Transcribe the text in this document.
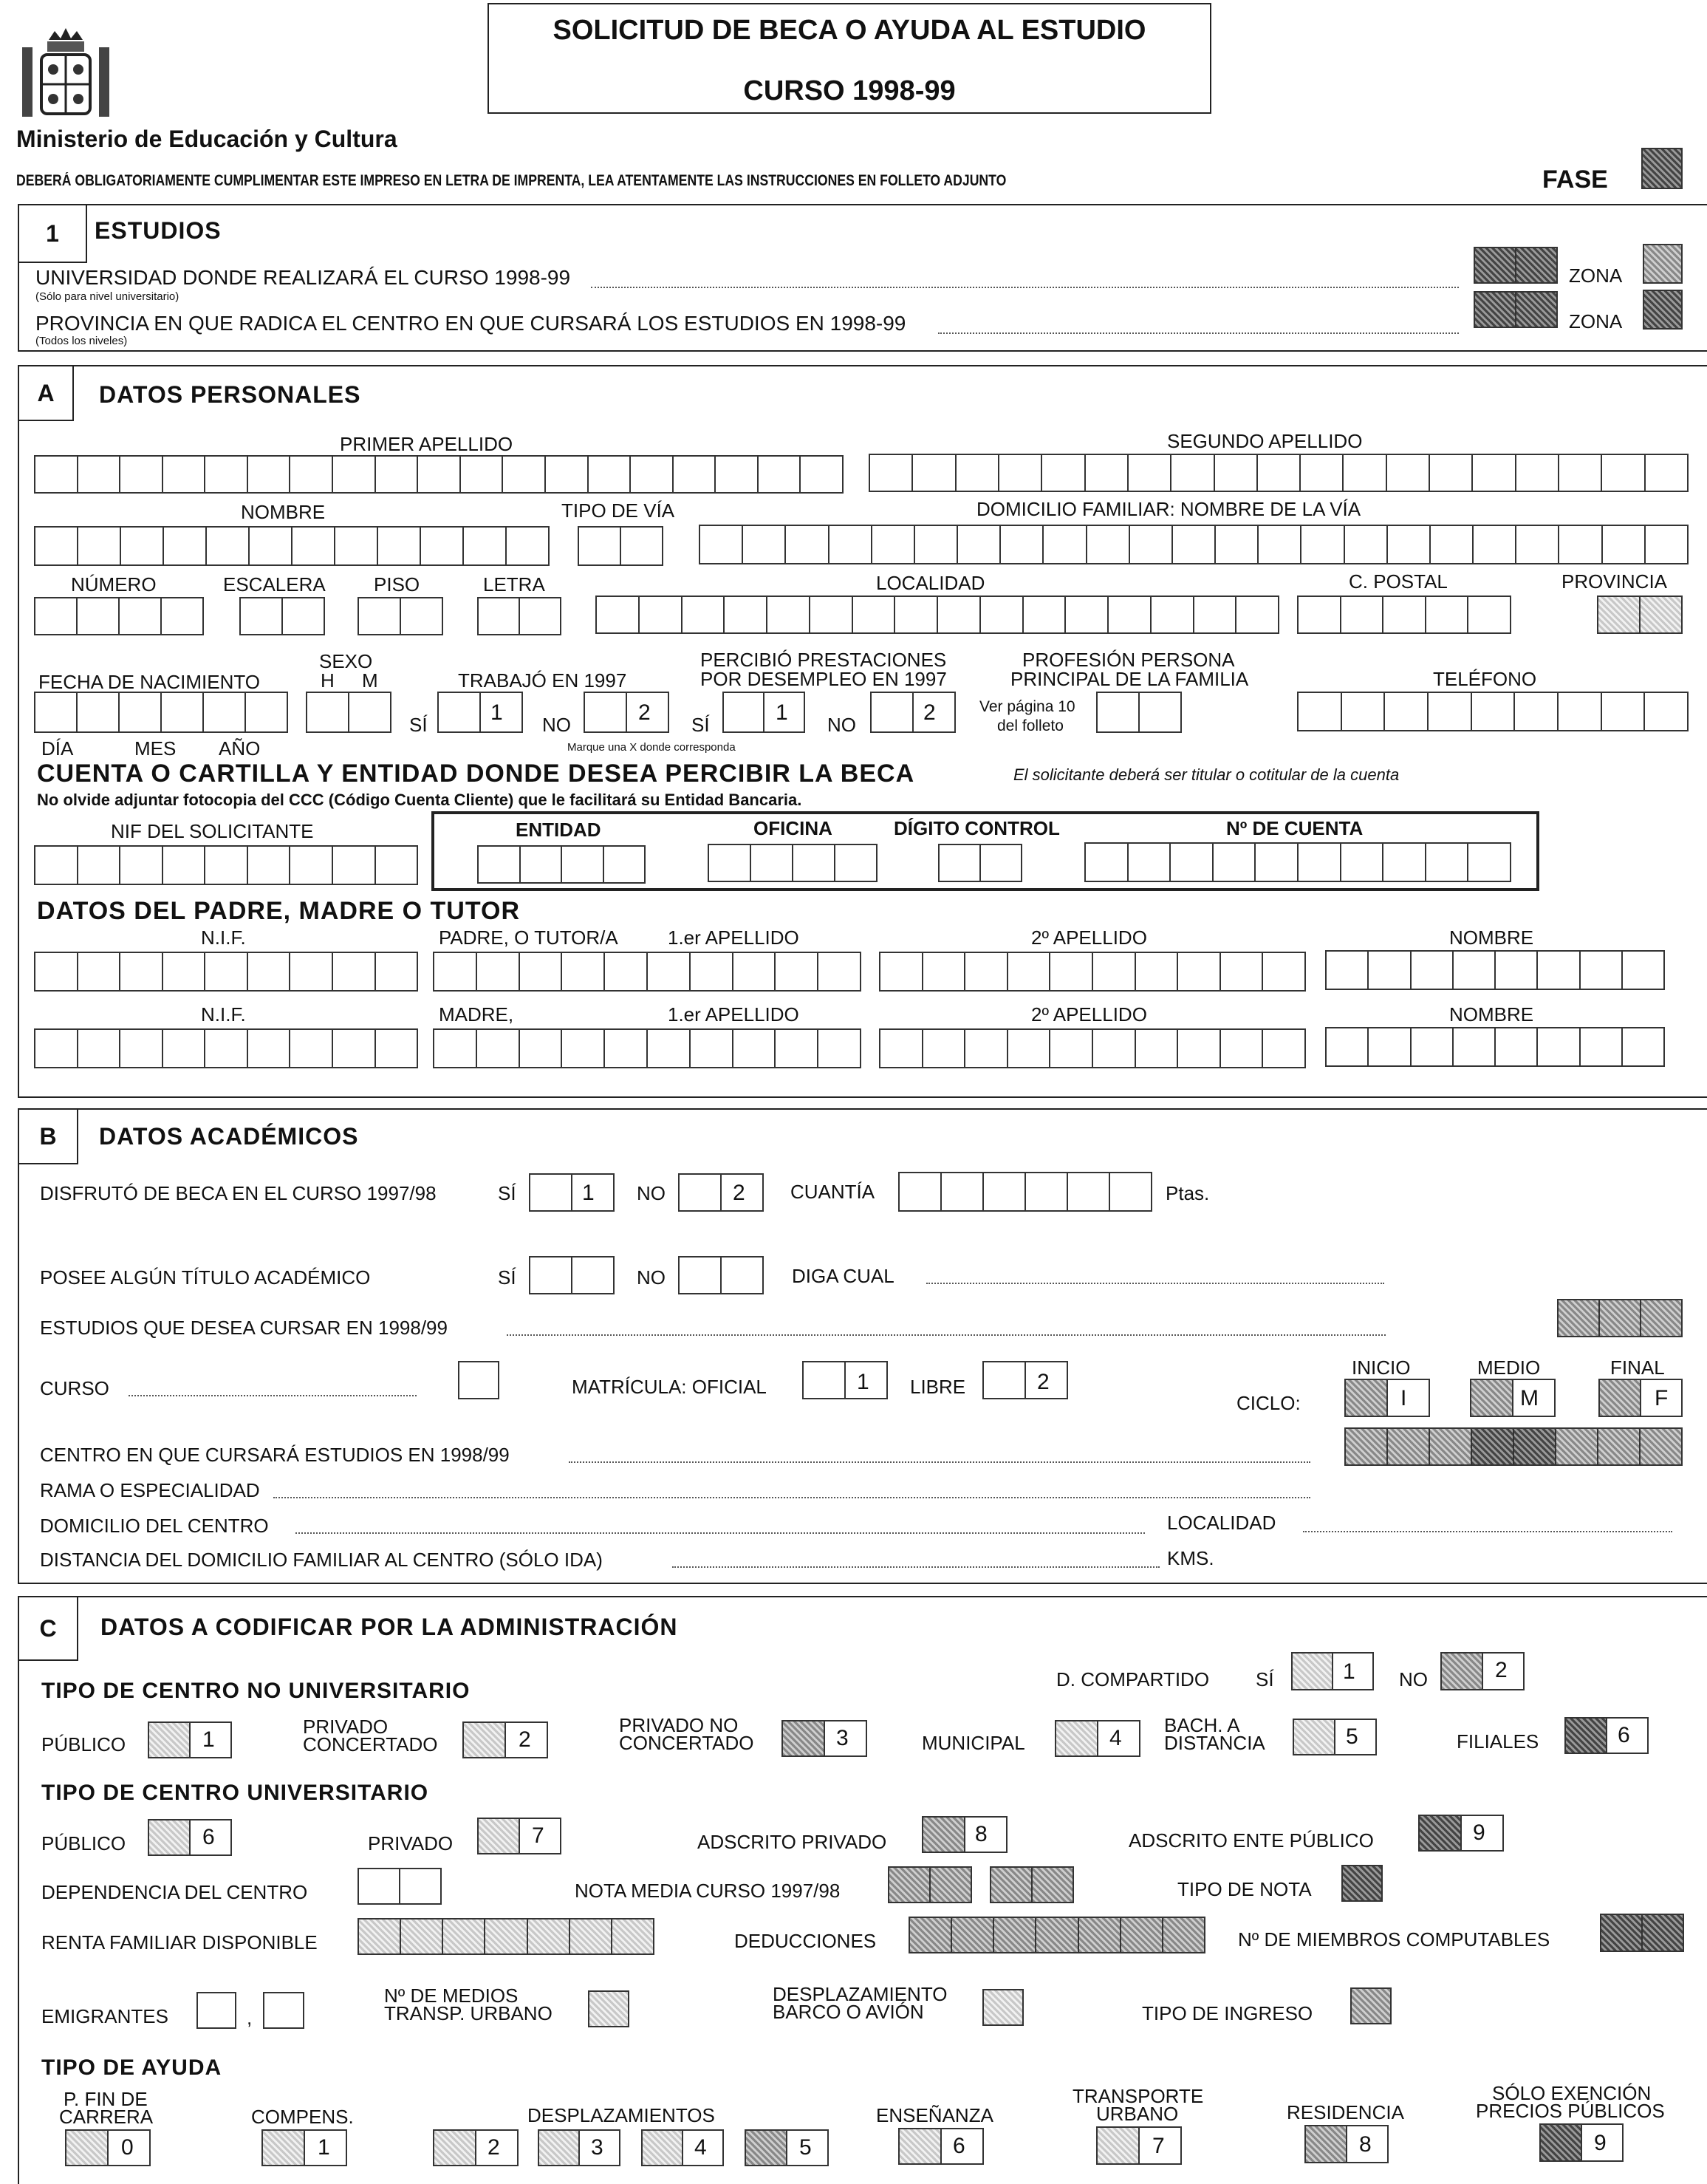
Ministerio de Educación y Cultura
SOLICITUD DE BECA O AYUDA AL ESTUDIO
CURSO 1998-99
DEBERÁ OBLIGATORIAMENTE CUMPLIMENTAR ESTE IMPRESO EN LETRA DE IMPRENTA, LEA ATENTAMENTE LAS INSTRUCCIONES EN FOLLETO ADJUNTO	FASE
1	ESTUDIOS
UNIVERSIDAD DONDE REALIZARÁ EL CURSO 1998-99
(Sólo para nivel universitario)
ZONA
PROVINCIA EN QUE RADICA EL CENTRO EN QUE CURSARÁ LOS ESTUDIOS EN 1998-99
(Todos los niveles)
ZONA
A	DATOS PERSONALES
PRIMER APELLIDO	SEGUNDO APELLIDO
NOMBRE	TIPO DE VÍA	DOMICILIO FAMILIAR: NOMBRE DE LA VÍA
NÚMERO	ESCALERA	PISO	LETRA	LOCALIDAD	C. POSTAL	PROVINCIA
SEXO
H M
FECHA DE NACIMIENTO
DÍA	MES AÑO
TRABAJÓ EN 1997
SÍ	1 NO	2
Marque una X donde corresponda
PERCIBIÓ PRESTACIONES
POR DESEMPLEO EN 1997
SÍ	1 NO	2
PROFESIÓN PERSONA
PRINCIPAL DE LA FAMILIA
Ver página 10
del folleto
TELÉFONO
CUENTA O CARTILLA Y ENTIDAD DONDE DESEA PERCIBIR LA BECA	El solicitante deberá ser titular o cotitular de la cuenta
No olvide adjuntar fotocopia del CCC (Código Cuenta Cliente) que le facilitará su Entidad Bancaria.
NIF DEL SOLICITANTE	ENTIDAD	OFICINA	DÍGITO CONTROL	Nº DE CUENTA
DATOS DEL PADRE, MADRE O TUTOR
N.I.F.	PADRE, O TUTOR/A	1.er APELLIDO	2º APELLIDO	NOMBRE
N.I.F.	MADRE,	1.er APELLIDO	2º APELLIDO	NOMBRE
B	DATOS ACADÉMICOS
DISFRUTÓ DE BECA EN EL CURSO 1997/98	SÍ	1 NO	2 CUANTÍA	Ptas.
POSEE ALGÚN TÍTULO ACADÉMICO	SÍ	NO	DIGA CUAL
ESTUDIOS QUE DESEA CURSAR EN 1998/99
CURSO	MATRÍCULA: OFICIAL	1 LIBRE	2
INICIO	MEDIO	FINAL
CICLO:	I	M	F
CENTRO EN QUE CURSARÁ ESTUDIOS EN 1998/99
RAMA O ESPECIALIDAD
DOMICILIO DEL CENTRO	LOCALIDAD
DISTANCIA DEL DOMICILIO FAMILIAR AL CENTRO (SÓLO IDA)	KMS.
C	DATOS A CODIFICAR POR LA ADMINISTRACIÓN
D. COMPARTIDO SÍ	1 NO	2
TIPO DE CENTRO NO UNIVERSITARIO
PÚBLICO	1
PRIVADO
CONCERTADO	2
PRIVADO NO
CONCERTADO	3	MUNICIPAL	4
BACH. A
DISTANCIA	5	FILIALES	6
TIPO DE CENTRO UNIVERSITARIO
PÚBLICO	6	PRIVADO	7	ADSCRITO PRIVADO	8	ADSCRITO ENTE PÚBLICO	9
DEPENDENCIA DEL CENTRO	NOTA MEDIA CURSO 1997/98	TIPO DE NOTA
RENTA FAMILIAR DISPONIBLE	DEDUCCIONES	Nº DE MIEMBROS COMPUTABLES
EMIGRANTES	,
Nº DE MEDIOS
TRANSP. URBANO
DESPLAZAMIENTO
BARCO O AVIÓN	TIPO DE INGRESO
TIPO DE AYUDA
P. FIN DE
CARRERA
0
COMPENS.
1
DESPLAZAMIENTOS
2	3	4	5
ENSEÑANZA
6
TRANSPORTE
URBANO
7
RESIDENCIA
8
SÓLO EXENCIÓN
PRECIOS PÚBLICOS
9
